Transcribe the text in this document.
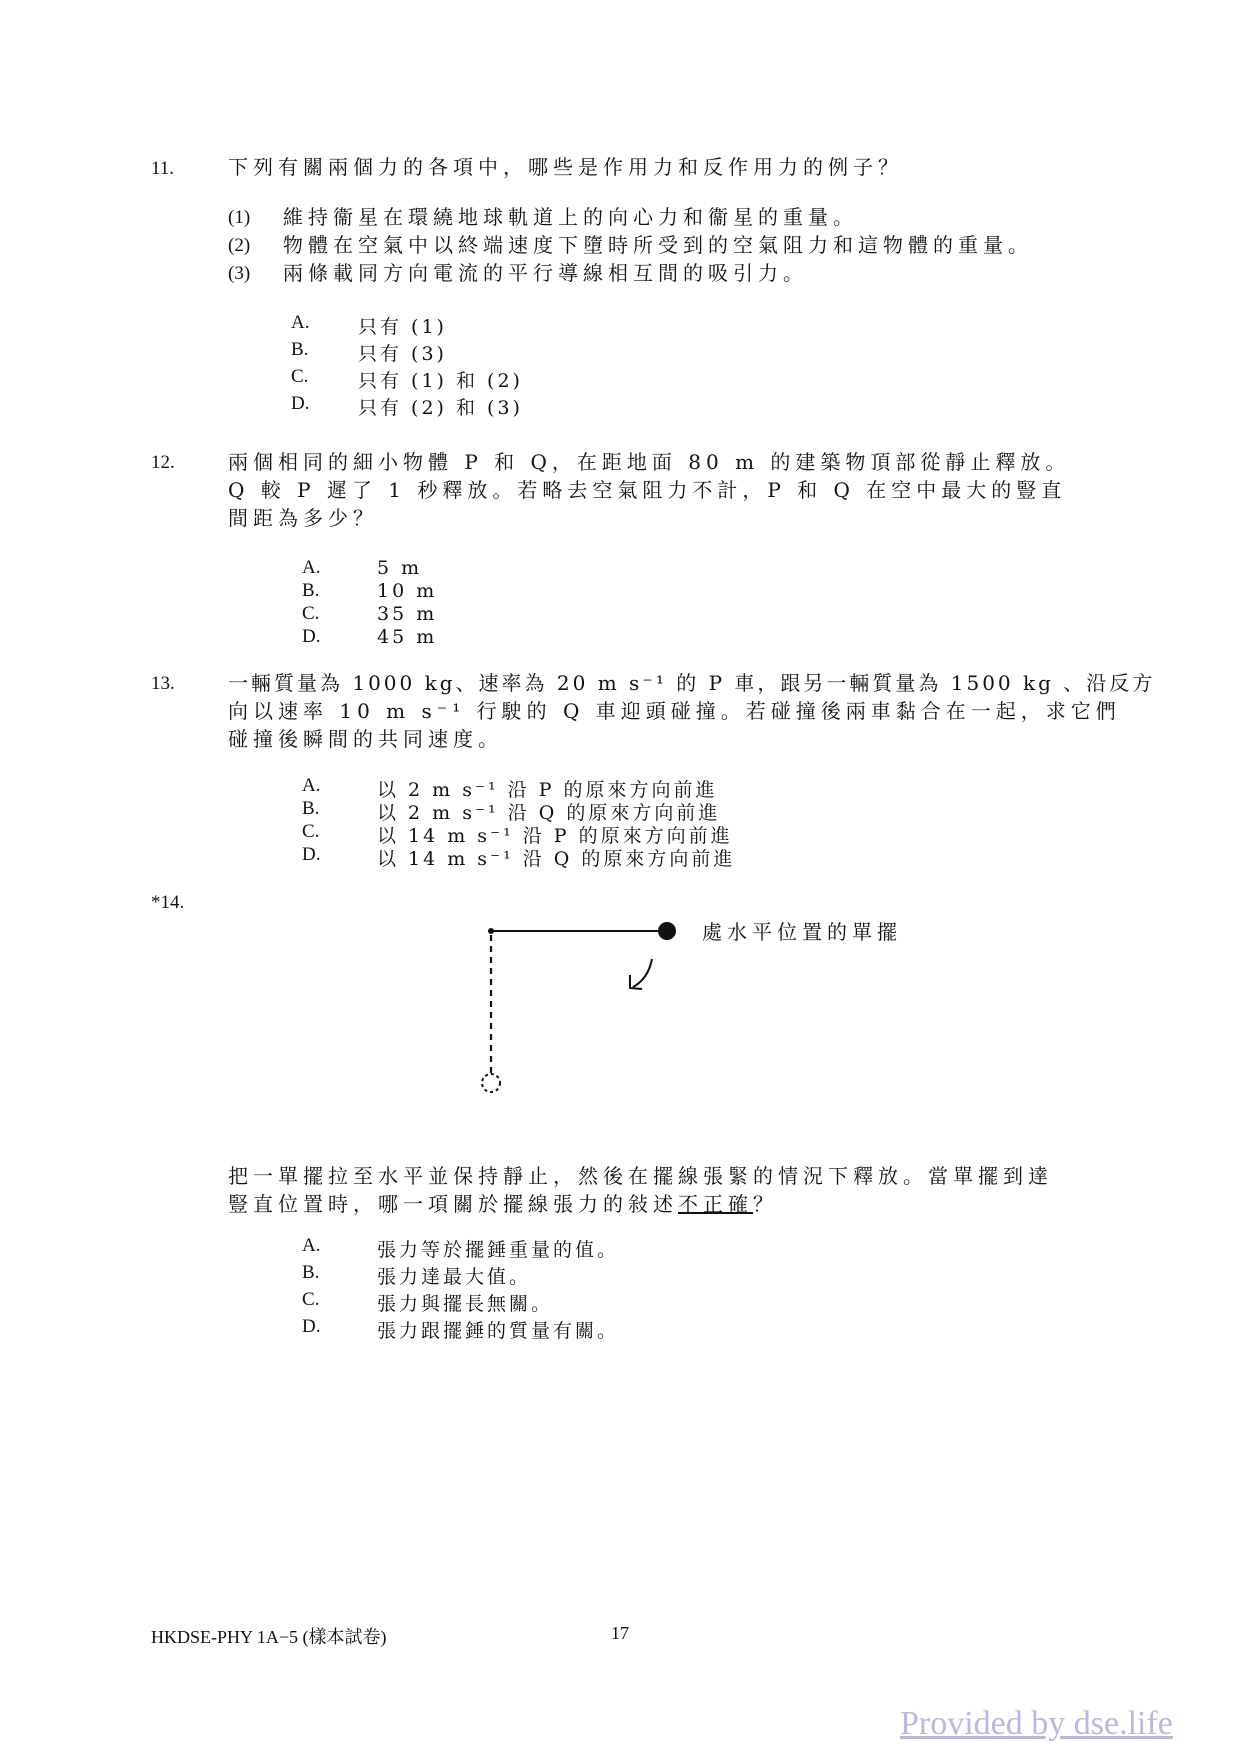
11.	下列有關兩個力的各項中，哪些是作用力和反作用力的例子？
(1) 維持衞星在環繞地球軌道上的向心力和衞星的重量。
(2) 物體在空氣中以終端速度下墮時所受到的空氣阻力和這物體的重量。
(3) 兩條載同方向電流的平行導線相互間的吸引力。
A.	只有 (1)
B.	只有 (3)
C.	只有 (1) 和 (2)
D.	只有 (2) 和 (3)
12.	兩個相同的細小物體 P 和 Q，在距地面 80 m 的建築物頂部從靜止釋放。
Q 較 P 遲了 1 秒釋放。若略去空氣阻力不計，P 和 Q 在空中最大的豎直
間距為多少？
A.	5 m
B.	10 m
C.	35 m
D.	45 m
13.	一輛質量為 1000 kg、速率為 20 m s⁻¹ 的 P 車，跟另一輛質量為 1500 kg 、沿反方
向以速率 10 m s⁻¹ 行駛的 Q 車迎頭碰撞。若碰撞後兩車黏合在一起，求它們
碰撞後瞬間的共同速度。
A.	以 2 m s⁻¹ 沿 P 的原來方向前進
B.	以 2 m s⁻¹ 沿 Q 的原來方向前進
C.	以 14 m s⁻¹ 沿 P 的原來方向前進
D.	以 14 m s⁻¹ 沿 Q 的原來方向前進
*14.
處水平位置的單擺
把一單擺拉至水平並保持靜止，然後在擺線張緊的情況下釋放。當單擺到達
豎直位置時，哪一項關於擺線張力的敍述不正確？
A.	張力等於擺錘重量的值。
B.	張力達最大值。
C.	張力與擺長無關。
D.	張力跟擺錘的質量有關。
HKDSE-PHY 1A−5 (樣本試卷)	17
Provided by dse.life
